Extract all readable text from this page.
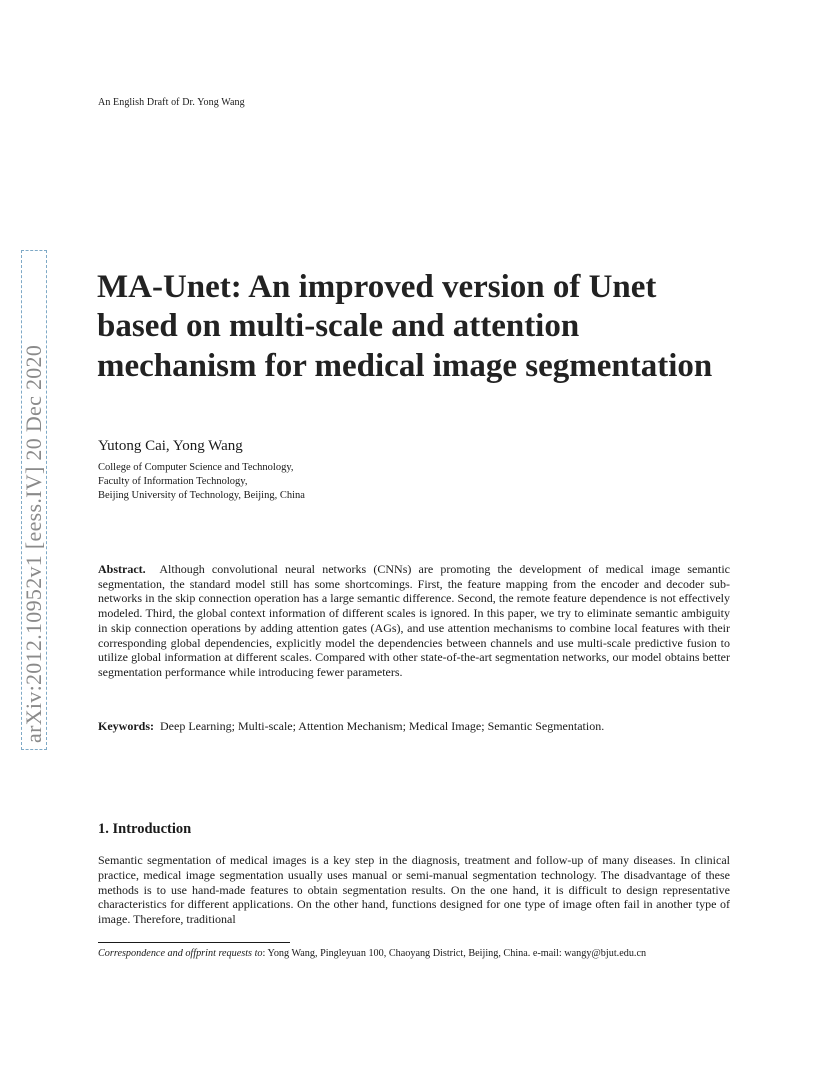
An English Draft of Dr. Yong Wang
arXiv:2012.10952v1 [eess.IV] 20 Dec 2020
MA-Unet: An improved version of Unet based on multi-scale and attention mechanism for medical image segmentation
Yutong Cai, Yong Wang
College of Computer Science and Technology,
Faculty of Information Technology,
Beijing University of Technology, Beijing, China
Abstract. Although convolutional neural networks (CNNs) are promoting the development of medical image semantic segmentation, the standard model still has some shortcomings. First, the feature mapping from the encoder and decoder sub-networks in the skip connection operation has a large semantic difference. Second, the remote feature dependence is not effectively modeled. Third, the global context information of different scales is ignored. In this paper, we try to eliminate semantic ambiguity in skip connection operations by adding attention gates (AGs), and use attention mechanisms to combine local features with their corresponding global dependencies, explicitly model the dependencies between channels and use multi-scale predictive fusion to utilize global information at different scales. Compared with other state-of-the-art segmentation networks, our model obtains better segmentation performance while introducing fewer parameters.
Keywords: Deep Learning; Multi-scale; Attention Mechanism; Medical Image; Semantic Segmentation.
1. Introduction
Semantic segmentation of medical images is a key step in the diagnosis, treatment and follow-up of many diseases. In clinical practice, medical image segmentation usually uses manual or semi-manual segmentation technology. The disadvantage of these methods is to use hand-made features to obtain segmentation results. On the one hand, it is difficult to design representative characteristics for different applications. On the other hand, functions designed for one type of image often fail in another type of image. Therefore, traditional
Correspondence and offprint requests to: Yong Wang, Pingleyuan 100, Chaoyang District, Beijing, China. e-mail: wangy@bjut.edu.cn
